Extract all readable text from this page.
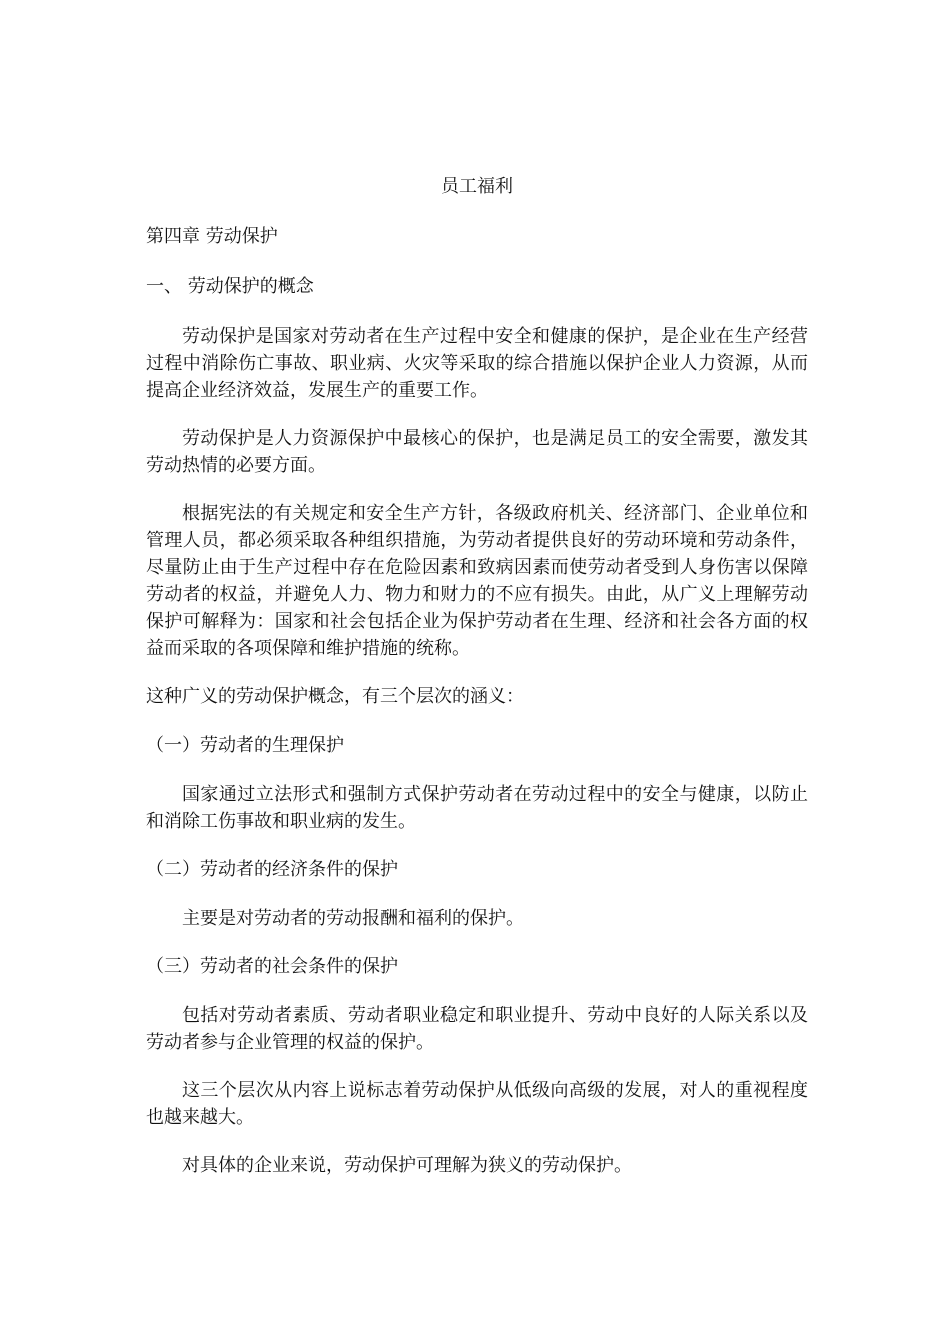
员工福利
第四章 劳动保护
一、 劳动保护的概念

劳动保护是国家对劳动者在生产过程中安全和健康的保护，是企业在生产经营过程中消除伤亡事故、职业病、火灾等采取的综合措施以保护企业人力资源，从而提高企业经济效益，发展生产的重要工作。

劳动保护是人力资源保护中最核心的保护，也是满足员工的安全需要，激发其劳动热情的必要方面。

根据宪法的有关规定和安全生产方针，各级政府机关、经济部门、企业单位和管理人员，都必须采取各种组织措施，为劳动者提供良好的劳动环境和劳动条件，尽量防止由于生产过程中存在危险因素和致病因素而使劳动者受到人身伤害以保障劳动者的权益，并避免人力、物力和财力的不应有损失。由此，从广义上理解劳动保护可解释为：国家和社会包括企业为保护劳动者在生理、经济和社会各方面的权益而采取的各项保障和维护措施的统称。

这种广义的劳动保护概念，有三个层次的涵义：
（一）劳动者的生理保护

国家通过立法形式和强制方式保护劳动者在劳动过程中的安全与健康，以防止和消除工伤事故和职业病的发生。

（二）劳动者的经济条件的保护

主要是对劳动者的劳动报酬和福利的保护。

（三）劳动者的社会条件的保护

包括对劳动者素质、劳动者职业稳定和职业提升、劳动中良好的人际关系以及劳动者参与企业管理的权益的保护。

这三个层次从内容上说标志着劳动保护从低级向高级的发展，对人的重视程度也越来越大。

对具体的企业来说，劳动保护可理解为狭义的劳动保护。
